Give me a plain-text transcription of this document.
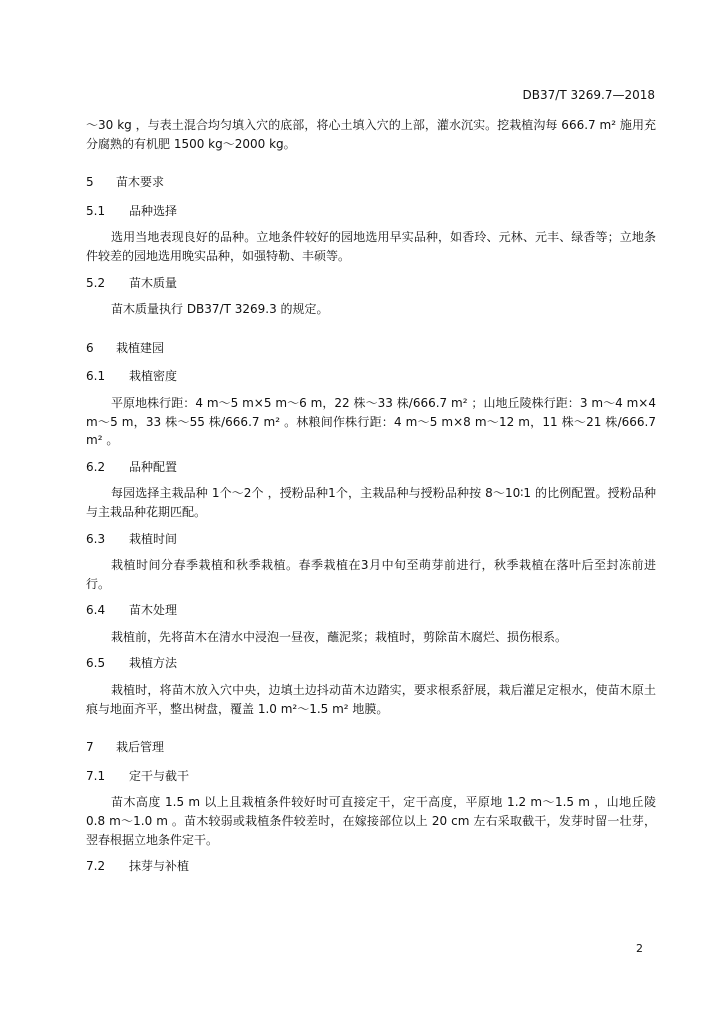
DB37/T 3269.7—2018

～30 kg ，与表土混合均匀填入穴的底部，将心土填入穴的上部，灌水沉实。挖栽植沟每 666.7 m² 施用充分腐熟的有机肥 1500 kg～2000 kg。

5　 苗木要求
5.1　 品种选择

选用当地表现良好的品种。立地条件较好的园地选用早实品种，如香玲、元林、元丰、绿香等；立地条件较差的园地选用晚实品种，如强特勒、丰硕等。

5.2　 苗木质量

苗木质量执行 DB37/T 3269.3 的规定。

6　 栽植建园
6.1　 栽植密度

平原地株行距：4 m～5 m×5 m～6 m，22 株～33 株/666.7 m² ；山地丘陵株行距：3 m～4 m×4 m～5 m，33 株～55 株/666.7 m² 。林粮间作株行距：4 m～5 m×8 m～12 m，11 株～21 株/666.7 m² 。

6.2　 品种配置

每园选择主栽品种 1个～2个 ，授粉品种1个，主栽品种与授粉品种按 8～10∶1 的比例配置。授粉品种与主栽品种花期匹配。

6.3　 栽植时间

栽植时间分春季栽植和秋季栽植。春季栽植在3月中旬至萌芽前进行，秋季栽植在落叶后至封冻前进行。

6.4　 苗木处理

栽植前，先将苗木在清水中浸泡一昼夜，蘸泥浆；栽植时，剪除苗木腐烂、损伤根系。

6.5　 栽植方法

栽植时，将苗木放入穴中央，边填土边抖动苗木边踏实，要求根系舒展，栽后灌足定根水，使苗木原土痕与地面齐平，整出树盘，覆盖 1.0 m²～1.5 m² 地膜。

7　 栽后管理
7.1　 定干与截干

苗木高度 1.5 m 以上且栽植条件较好时可直接定干，定干高度，平原地 1.2 m～1.5 m ，山地丘陵 0.8 m～1.0 m 。苗木较弱或栽植条件较差时，在嫁接部位以上 20 cm 左右采取截干，发芽时留一壮芽，翌春根据立地条件定干。

7.2　 抹芽与补植
2
